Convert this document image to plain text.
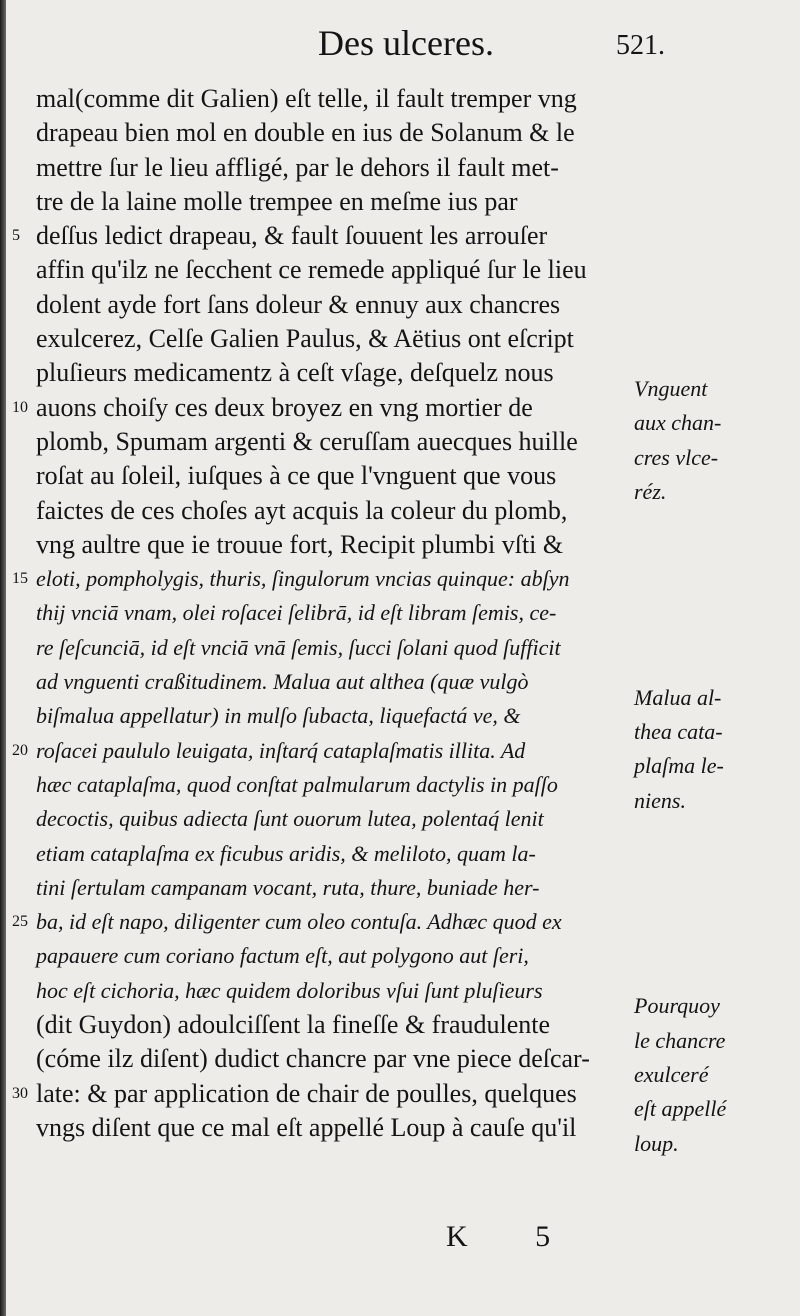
Des ulceres.	521.
mal(comme dit Galien) eſt telle, il fault tremper vng
drapeau bien mol en double en ius de Solanum & le
mettre ſur le lieu affligé, par le dehors il fault met-
tre de la laine molle trempee en meſme ius par
5 deſſus ledict drapeau, & fault ſouuent les arrouſer
affin qu'ilz ne ſecchent ce remede appliqué ſur le lieu
dolent ayde fort ſans doleur & ennuy aux chancres
exulcerez, Celſe Galien Paulus, & Aëtius ont eſcript
pluſieurs medicamentz à ceſt vſage, deſquelz nous
10 auons choiſy ces deux broyez en vng mortier de
plomb, Spumam argenti & ceruſſam auecques huille
roſat au ſoleil, iuſques à ce que l'vnguent que vous
faictes de ces choſes ayt acquis la coleur du plomb,
vng aultre que ie trouue fort, Recipit plumbi vſti &
15 eloti, pompholygis, thuris, ſingulorum vncias quinque: abſyn
thij vnciā vnam, olei roſacei ſelibrā, id eſt libram ſemis, ce-
re ſeſcunciā, id eſt vnciā vnā ſemis, ſucci ſolani quod ſufficit
ad vnguenti craßitudinem. Malua aut althea (quæ vulgò
biſmalua appellatur) in mulſo ſubacta, liquefactá ve, &
20 roſacei paululo leuigata, inſtarq́ cataplaſmatis illita. Ad
hæc cataplaſma, quod conſtat palmularum dactylis in paſſo
decoctis, quibus adiecta ſunt ouorum lutea, polentaq́ lenit
etiam cataplaſma ex ficubus aridis, & meliloto, quam la-
tini ſertulam campanam vocant, ruta, thure, buniade her-
25 ba, id eſt napo, diligenter cum oleo contuſa. Adhæc quod ex
papauere cum coriano factum eſt, aut polygono aut ſeri,
hoc eſt cichoria, hæc quidem doloribus vſui ſunt pluſieurs
(dit Guydon) adoulciſſent la fineſſe & fraudulente
(cóme ilz diſent) dudict chancre par vne piece deſcar-
30 late: & par application de chair de poulles, quelques
vngs diſent que ce mal eſt appellé Loup à cauſe qu'il
Vnguent
aux chan-
cres vlce-
réz.
Malua al-
thea cata-
plaſma le-
niens.
Pourquoy
le chancre
exulceré
eſt appellé
loup.
K 5
